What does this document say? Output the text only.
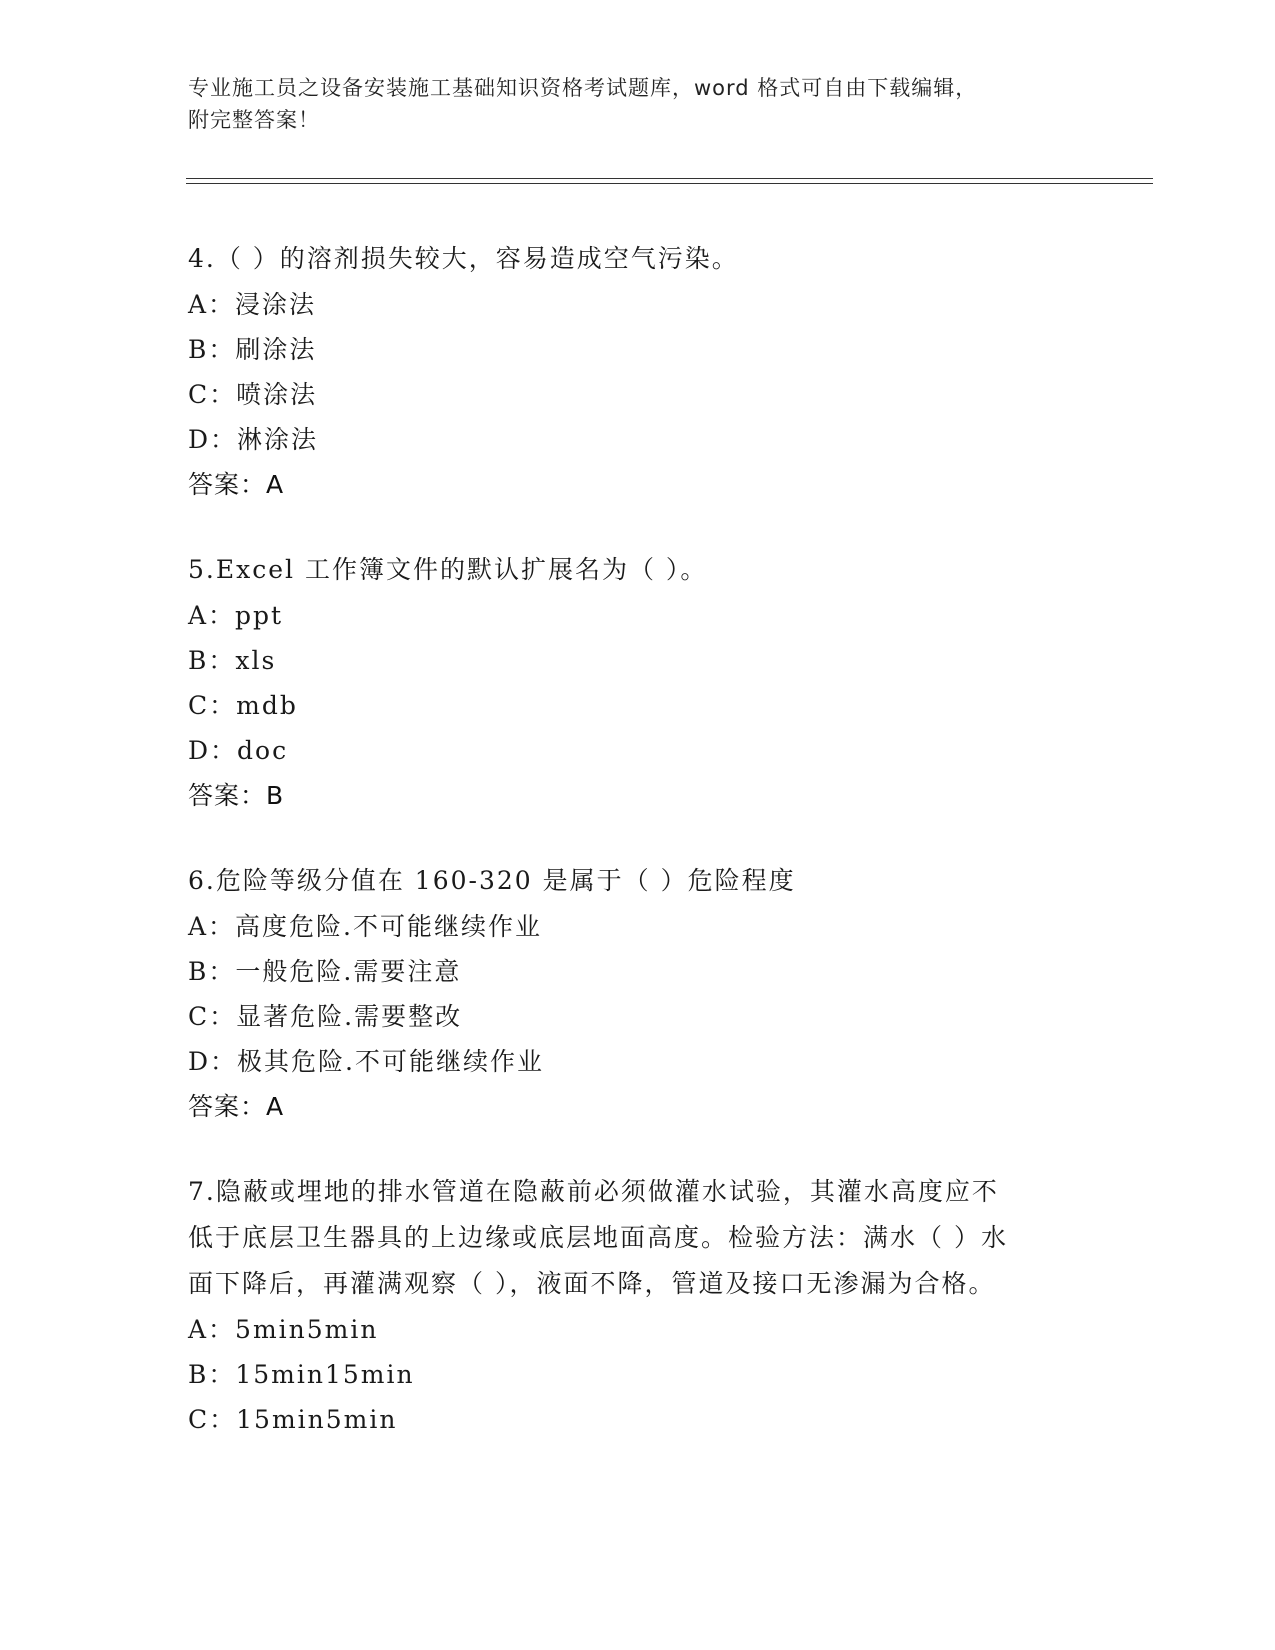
专业施工员之设备安装施工基础知识资格考试题库，word 格式可自由下载编辑，
附完整答案！
4.（ ）的溶剂损失较大，容易造成空气污染。
A：浸涂法
B：刷涂法
C：喷涂法
D：淋涂法
答案：A
5.Excel 工作簿文件的默认扩展名为（ ）。
A：ppt
B：xls
C：mdb
D：doc
答案：B
6.危险等级分值在 160-320 是属于（ ）危险程度
A：高度危险.不可能继续作业
B：一般危险.需要注意
C：显著危险.需要整改
D：极其危险.不可能继续作业
答案：A
7.隐蔽或埋地的排水管道在隐蔽前必须做灌水试验，其灌水高度应不
低于底层卫生器具的上边缘或底层地面高度。检验方法：满水（ ）水
面下降后，再灌满观察（ ），液面不降，管道及接口无渗漏为合格。
A：5min5min
B：15min15min
C：15min5min
